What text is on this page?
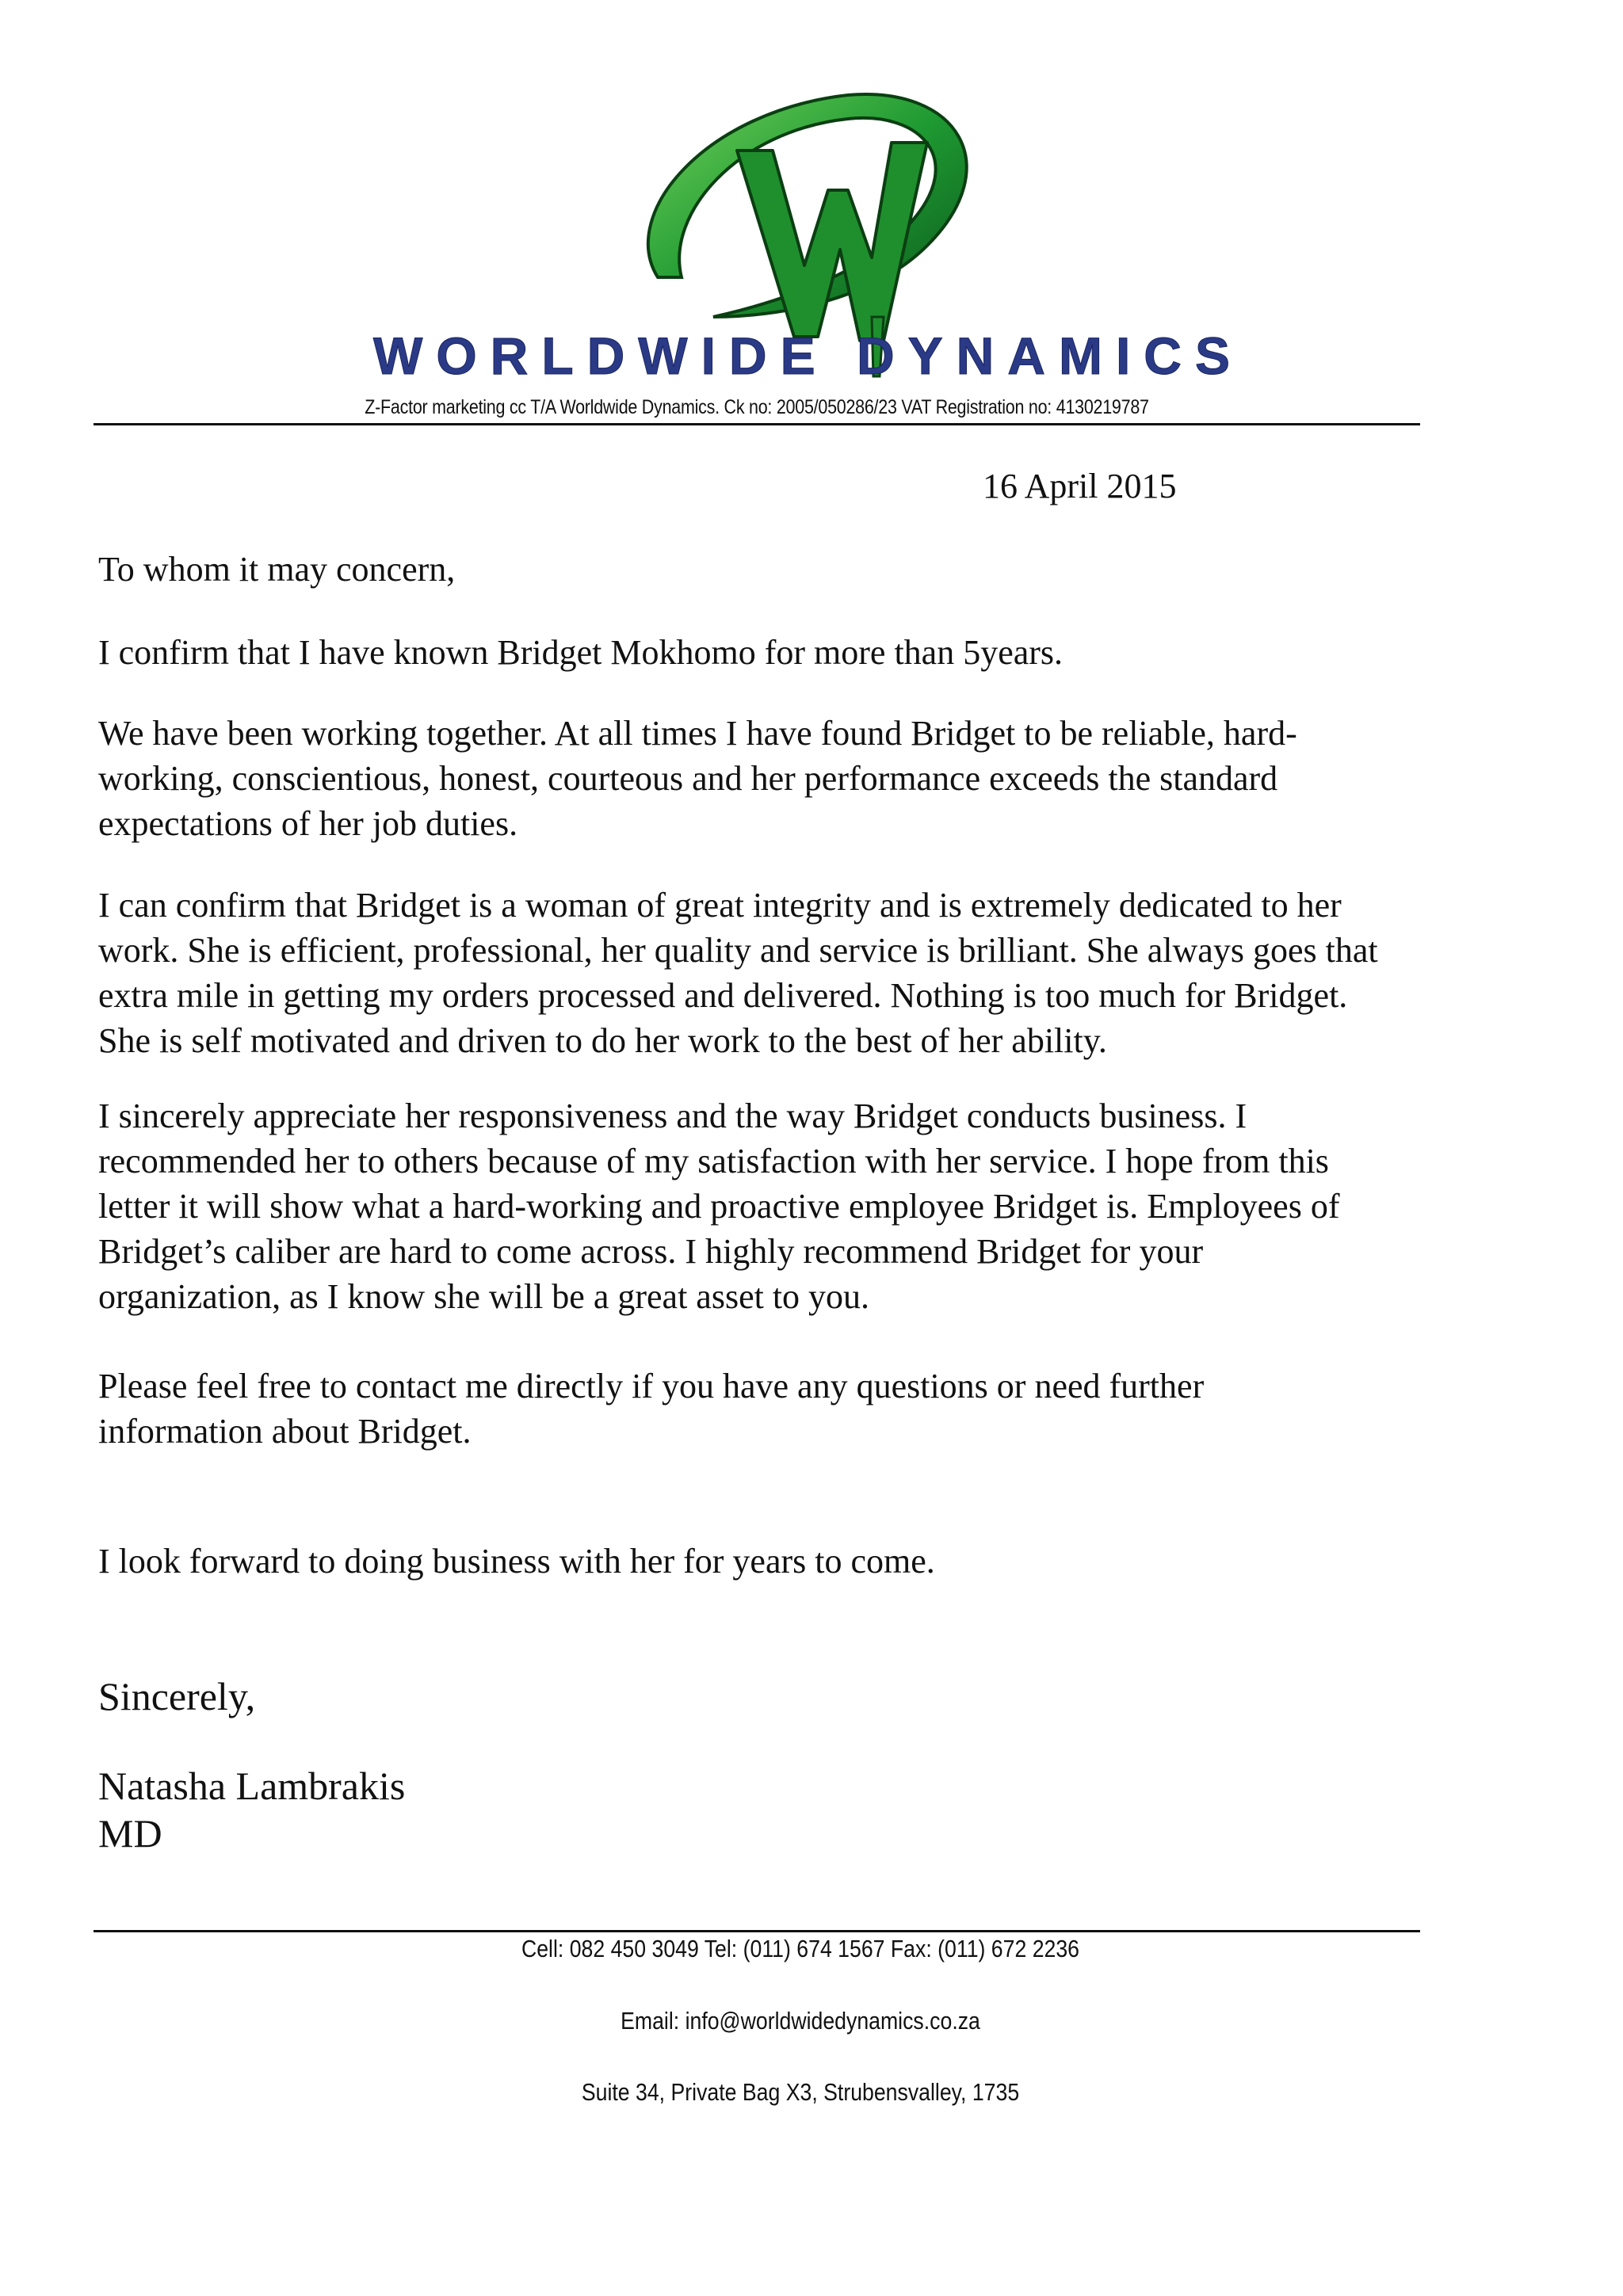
WORLDWIDE DYNAMICS
Z-Factor marketing cc T/A Worldwide Dynamics. Ck no: 2005/050286/23 VAT Registration no: 4130219787
16 April 2015

To whom it may concern,

I confirm that I have known Bridget Mokhomo for more than 5years.

We have been working together. At all times I have found Bridget to be reliable, hard-

working, conscientious, honest, courteous and her performance exceeds the standard

expectations of her job duties.

I can confirm that Bridget is a woman of great integrity and is extremely dedicated to her

work. She is efficient, professional, her quality and service is brilliant. She always goes that

extra mile in getting my orders processed and delivered. Nothing is too much for Bridget.

She is self motivated and driven to do her work to the best of her ability.

I sincerely appreciate her responsiveness and the way Bridget conducts business. I

recommended her to others because of my satisfaction with her service. I hope from this

letter it will show what a hard-working and proactive employee Bridget is. Employees of

Bridget’s caliber are hard to come across. I highly recommend Bridget for your

organization, as I know she will be a great asset to you.

Please feel free to contact me directly if you have any questions or need further

information about Bridget.

I look forward to doing business with her for years to come.

Sincerely,
Natasha Lambrakis
MD
Cell: 082 450 3049 Tel: (011) 674 1567 Fax: (011) 672 2236
Email: info@worldwidedynamics.co.za
Suite 34, Private Bag X3, Strubensvalley, 1735
